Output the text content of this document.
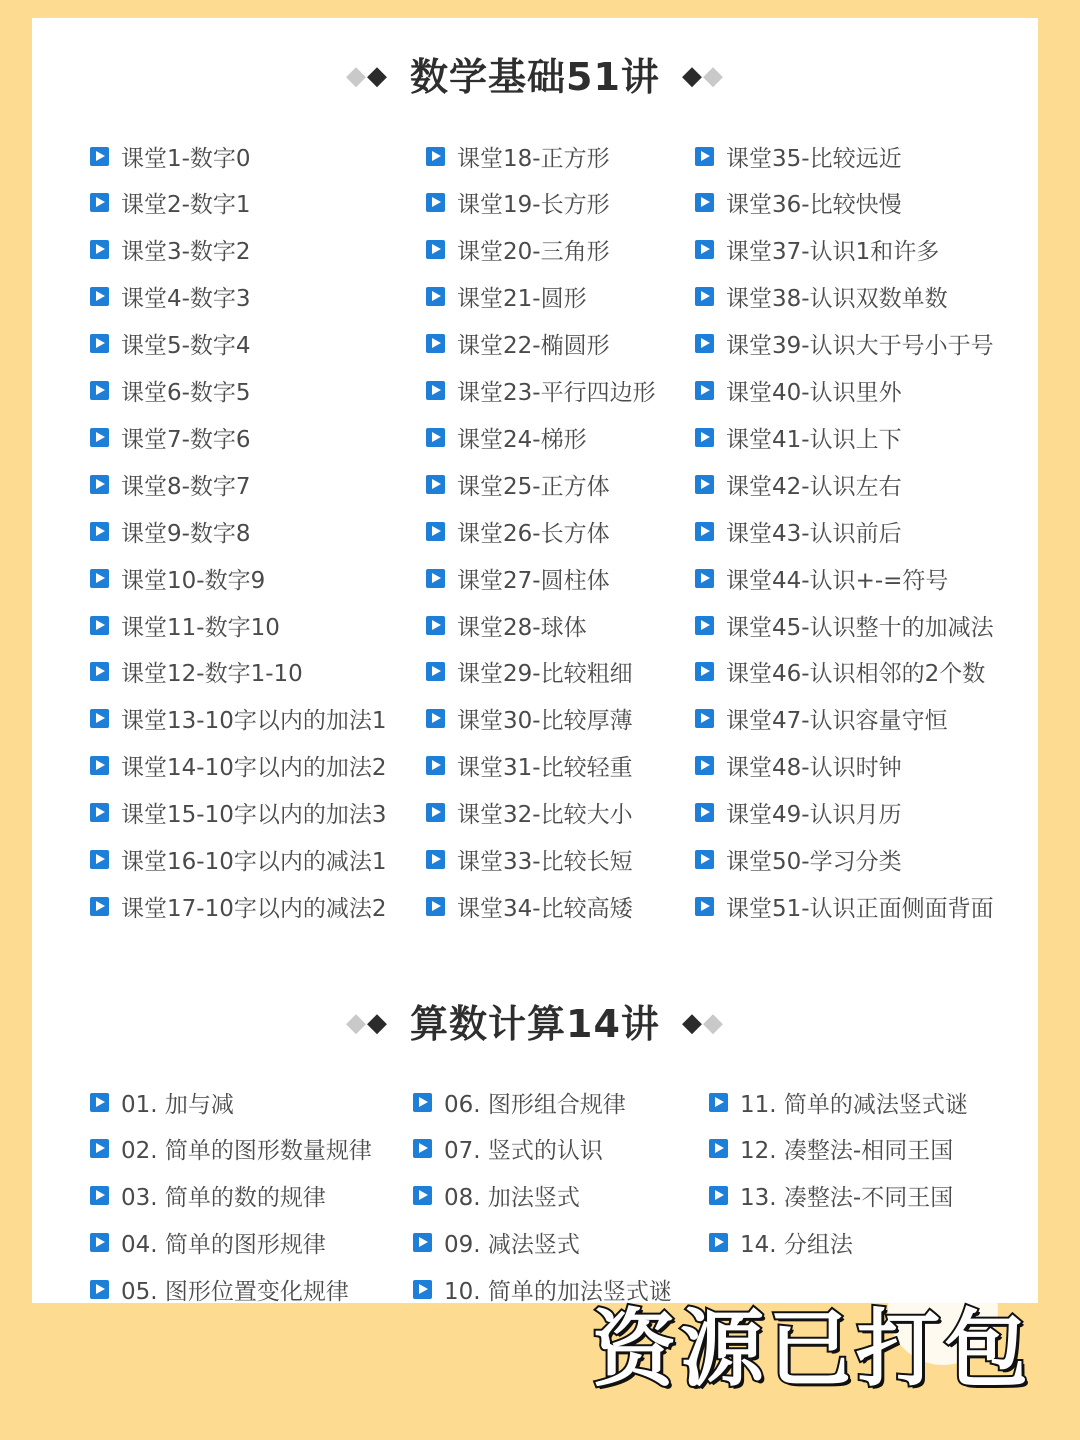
◆◆ 数学基础51讲 ◆◆
课堂1-数字0
课堂2-数字1
课堂3-数字2
课堂4-数字3
课堂5-数字4
课堂6-数字5
课堂7-数字6
课堂8-数字7
课堂9-数字8
课堂10-数字9
课堂11-数字10
课堂12-数字1-10
课堂13-10字以内的加法1
课堂14-10字以内的加法2
课堂15-10字以内的加法3
课堂16-10字以内的减法1
课堂17-10字以内的减法2
课堂18-正方形
课堂19-长方形
课堂20-三角形
课堂21-圆形
课堂22-椭圆形
课堂23-平行四边形
课堂24-梯形
课堂25-正方体
课堂26-长方体
课堂27-圆柱体
课堂28-球体
课堂29-比较粗细
课堂30-比较厚薄
课堂31-比较轻重
课堂32-比较大小
课堂33-比较长短
课堂34-比较高矮
课堂35-比较远近
课堂36-比较快慢
课堂37-认识1和许多
课堂38-认识双数单数
课堂39-认识大于号小于号
课堂40-认识里外
课堂41-认识上下
课堂42-认识左右
课堂43-认识前后
课堂44-认识+-=符号
课堂45-认识整十的加减法
课堂46-认识相邻的2个数
课堂47-认识容量守恒
课堂48-认识时钟
课堂49-认识月历
课堂50-学习分类
课堂51-认识正面侧面背面
◆◆ 算数计算14讲 ◆◆
01. 加与减
02. 简单的图形数量规律
03. 简单的数的规律
04. 简单的图形规律
05. 图形位置变化规律
06. 图形组合规律
07. 竖式的认识
08. 加法竖式
09. 减法竖式
10. 简单的加法竖式谜
11. 简单的减法竖式谜
12. 凑整法-相同王国
13. 凑整法-不同王国
14. 分组法
资源已打包
